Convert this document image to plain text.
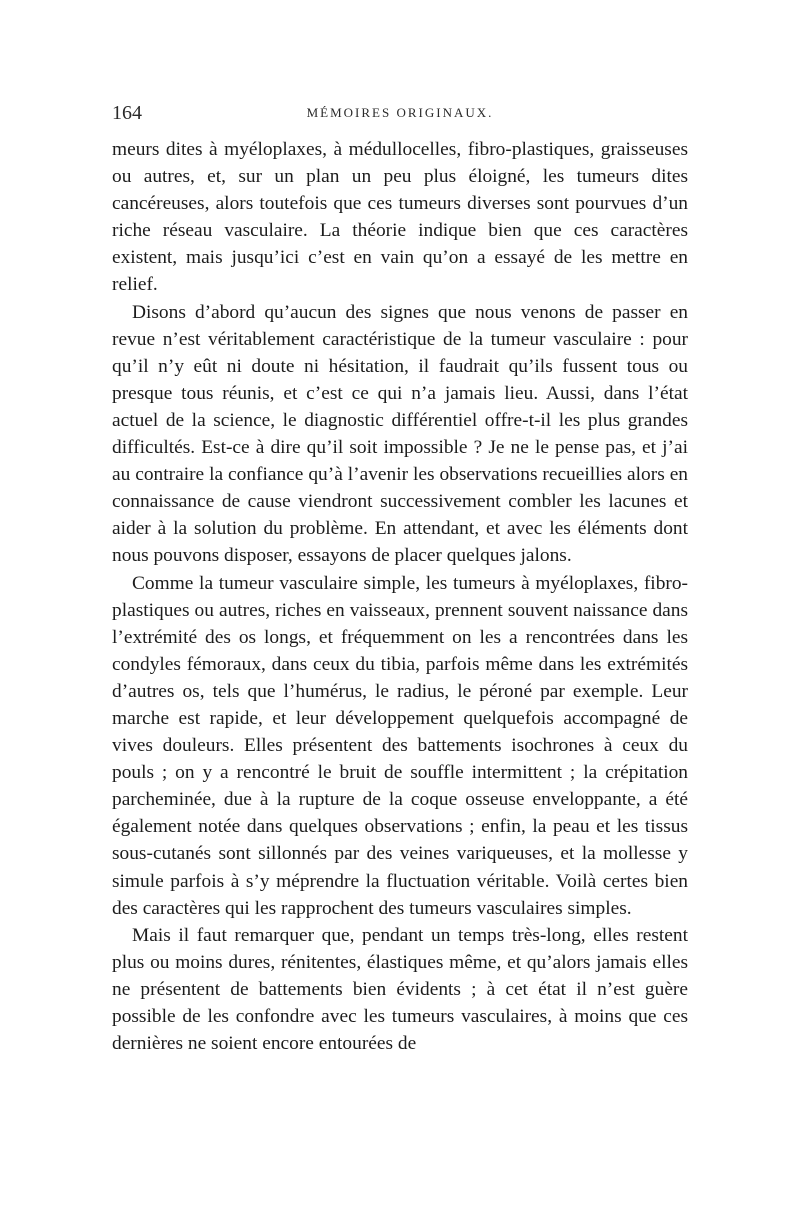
164	MÉMOIRES ORIGINAUX.

meurs dites à myéloplaxes, à médullocelles, fibro-plastiques, graisseuses ou autres, et, sur un plan un peu plus éloigné, les tumeurs dites cancéreuses, alors toutefois que ces tumeurs diverses sont pourvues d’un riche réseau vasculaire. La théorie indique bien que ces caractères existent, mais jusqu’ici c’est en vain qu’on a essayé de les mettre en relief.

Disons d’abord qu’aucun des signes que nous venons de passer en revue n’est véritablement caractéristique de la tumeur vasculaire : pour qu’il n’y eût ni doute ni hésitation, il faudrait qu’ils fussent tous ou presque tous réunis, et c’est ce qui n’a jamais lieu. Aussi, dans l’état actuel de la science, le diagnostic différentiel offre-t-il les plus grandes difficultés. Est-ce à dire qu’il soit impossible ? Je ne le pense pas, et j’ai au contraire la confiance qu’à l’avenir les observations recueillies alors en connaissance de cause viendront successivement combler les lacunes et aider à la solution du problème. En attendant, et avec les éléments dont nous pouvons disposer, essayons de placer quelques jalons.

Comme la tumeur vasculaire simple, les tumeurs à myéloplaxes, fibro-plastiques ou autres, riches en vaisseaux, prennent souvent naissance dans l’extrémité des os longs, et fréquemment on les a rencontrées dans les condyles fémoraux, dans ceux du tibia, parfois même dans les extrémités d’autres os, tels que l’humérus, le radius, le péroné par exemple. Leur marche est rapide, et leur développement quelquefois accompagné de vives douleurs. Elles présentent des battements isochrones à ceux du pouls ; on y a rencontré le bruit de souffle intermittent ; la crépitation parcheminée, due à la rupture de la coque osseuse enveloppante, a été également notée dans quelques observations ; enfin, la peau et les tissus sous-cutanés sont sillonnés par des veines variqueuses, et la mollesse y simule parfois à s’y méprendre la fluctuation véritable. Voilà certes bien des caractères qui les rapprochent des tumeurs vasculaires simples.

Mais il faut remarquer que, pendant un temps très-long, elles restent plus ou moins dures, rénitentes, élastiques même, et qu’alors jamais elles ne présentent de battements bien évidents ; à cet état il n’est guère possible de les confondre avec les tumeurs vasculaires, à moins que ces dernières ne soient encore entourées de
